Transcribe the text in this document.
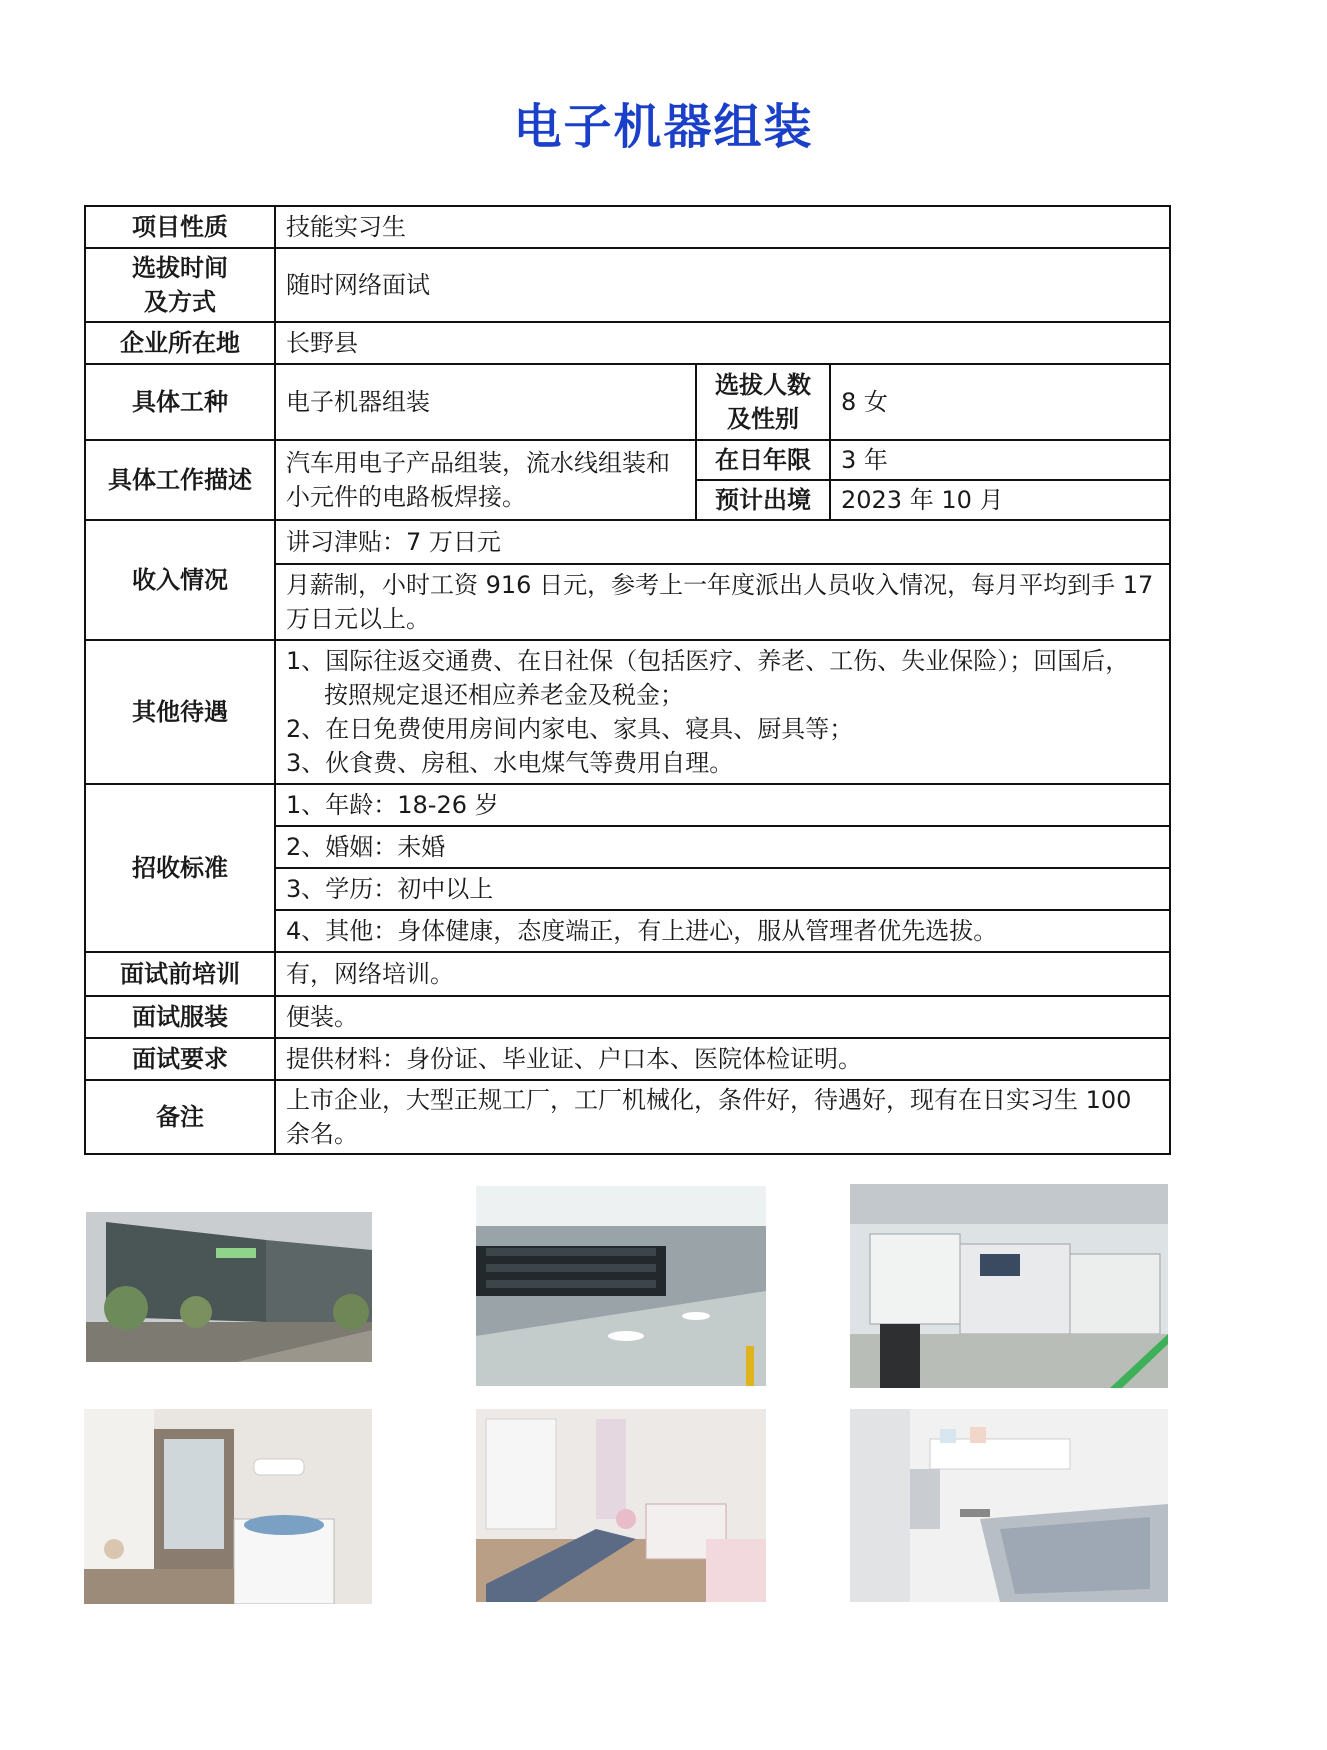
电子机器组装
项目性质	技能实习生		

选拔时间
及方式	随时网络面试		
企业所在地	长野县		
具体工种	电子机器组装	选拔人数
及性别	8 女
具体工作描述	汽车用电子产品组装，流水线组装和小元件的电路板焊接。	在日年限	3 年
		预计出境	2023 年 10 月
收入情况	讲习津贴：7 万日元		
	月薪制，小时工资 916 日元，参考上一年度派出人员收入情况，每月平均到手 17 万日元以上。		
其他待遇	1、国际往返交通费、在日社保（包括医疗、养老、工伤、失业保险）；回国后，
按照规定退还相应养老金及税金；
2、在日免费使用房间内家电、家具、寝具、厨具等；
3、伙食费、房租、水电煤气等费用自理。		

招收标准	1、年龄：18-26 岁		
	2、婚姻：未婚		
	3、学历：初中以上		
	4、其他：身体健康，态度端正，有上进心，服从管理者优先选拔。		
面试前培训	有，网络培训。		
面试服装	便装。		
面试要求	提供材料：身份证、毕业证、户口本、医院体检证明。		
备注	上市企业，大型正规工厂，工厂机械化，条件好，待遇好，现有在日实习生 100 余名。		
